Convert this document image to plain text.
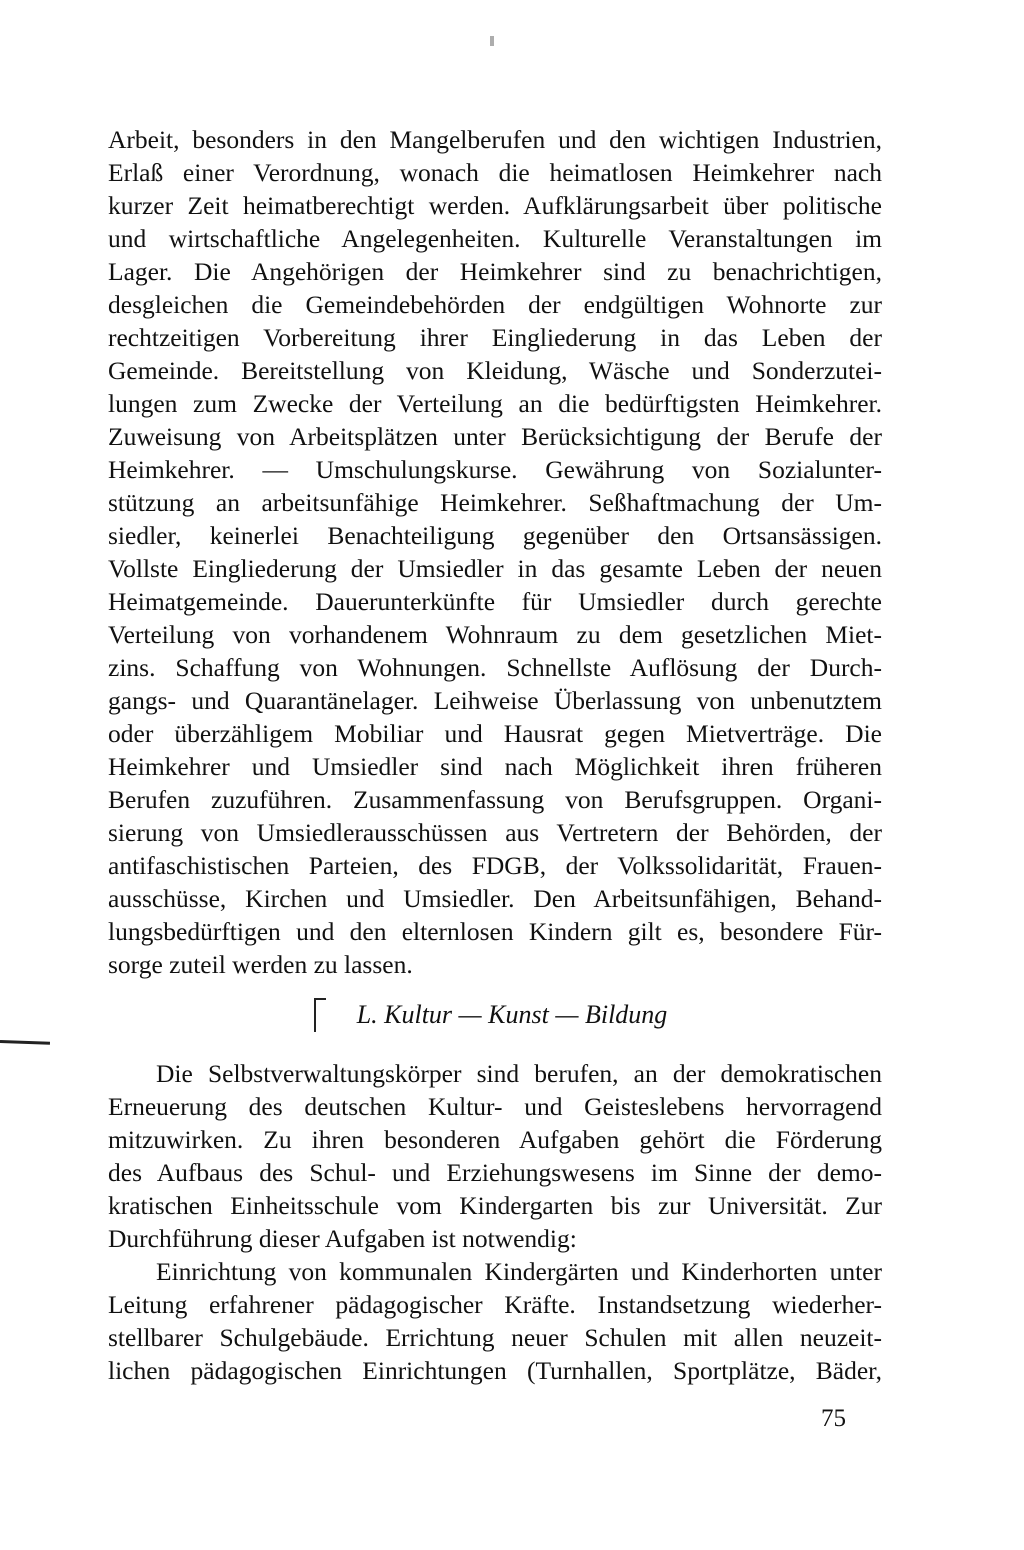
Arbeit, besonders in den Mangelberufen und den wichtigen Industrien,
Erlaß einer Verordnung, wonach die heimatlosen Heimkehrer nach
kurzer Zeit heimatberechtigt werden. Aufklärungsarbeit über politische
und wirtschaftliche Angelegenheiten. Kulturelle Veranstaltungen im
Lager. Die Angehörigen der Heimkehrer sind zu benachrichtigen,
desgleichen die Gemeindebehörden der endgültigen Wohnorte zur
rechtzeitigen Vorbereitung ihrer Eingliederung in das Leben der
Gemeinde. Bereitstellung von Kleidung, Wäsche und Sonderzutei-
lungen zum Zwecke der Verteilung an die bedürftigsten Heimkehrer.
Zuweisung von Arbeitsplätzen unter Berücksichtigung der Berufe der
Heimkehrer. — Umschulungskurse. Gewährung von Sozialunter-
stützung an arbeitsunfähige Heimkehrer. Seßhaftmachung der Um-
siedler, keinerlei Benachteiligung gegenüber den Ortsansässigen.
Vollste Eingliederung der Umsiedler in das gesamte Leben der neuen
Heimatgemeinde. Dauerunterkünfte für Umsiedler durch gerechte
Verteilung von vorhandenem Wohnraum zu dem gesetzlichen Miet-
zins. Schaffung von Wohnungen. Schnellste Auflösung der Durch-
gangs- und Quarantänelager. Leihweise Überlassung von unbenutztem
oder überzähligem Mobiliar und Hausrat gegen Mietverträge. Die
Heimkehrer und Umsiedler sind nach Möglichkeit ihren früheren
Berufen zuzuführen. Zusammenfassung von Berufsgruppen. Organi-
sierung von Umsiedlerausschüssen aus Vertretern der Behörden, der
antifaschistischen Parteien, des FDGB, der Volkssolidarität, Frauen-
ausschüsse, Kirchen und Umsiedler. Den Arbeitsunfähigen, Behand-
lungsbedürftigen und den elternlosen Kindern gilt es, besondere Für-
sorge zuteil werden zu lassen.
L. Kultur — Kunst — Bildung
Die Selbstverwaltungskörper sind berufen, an der demokratischen
Erneuerung des deutschen Kultur- und Geisteslebens hervorragend
mitzuwirken. Zu ihren besonderen Aufgaben gehört die Förderung
des Aufbaus des Schul- und Erziehungswesens im Sinne der demo-
kratischen Einheitsschule vom Kindergarten bis zur Universität. Zur
Durchführung dieser Aufgaben ist notwendig:
Einrichtung von kommunalen Kindergärten und Kinderhorten unter
Leitung erfahrener pädagogischer Kräfte. Instandsetzung wiederher-
stellbarer Schulgebäude. Errichtung neuer Schulen mit allen neuzeit-
lichen pädagogischen Einrichtungen (Turnhallen, Sportplätze, Bäder,
75
